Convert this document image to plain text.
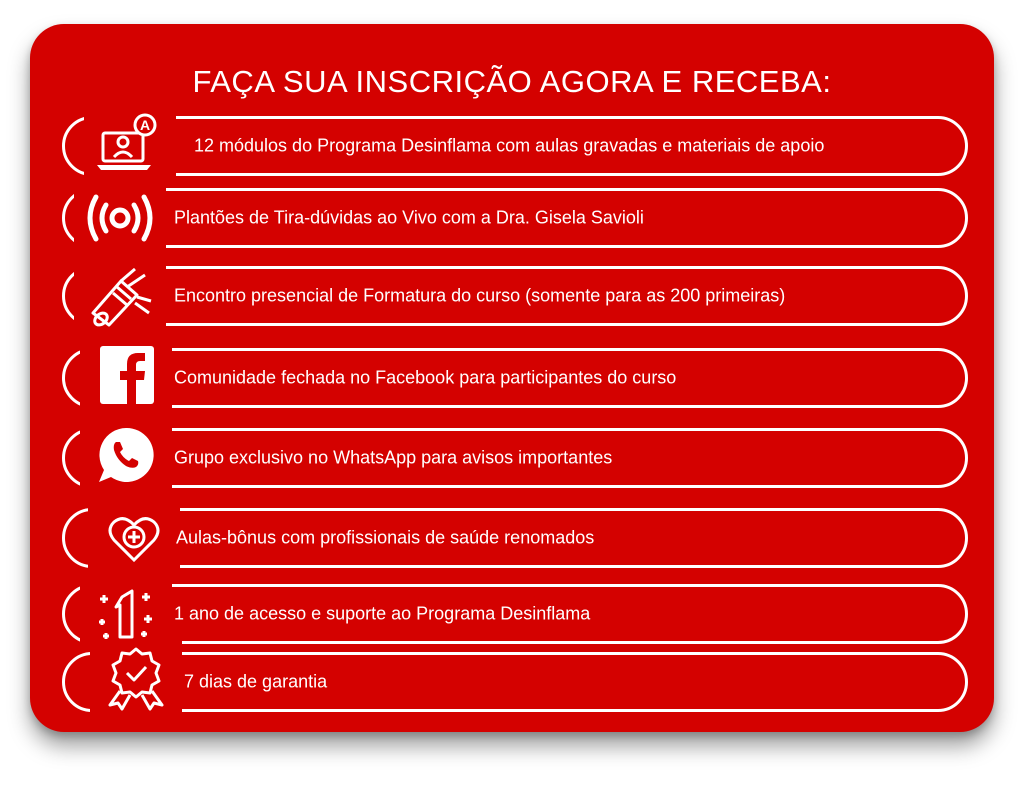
FAÇA SUA INSCRIÇÃO AGORA E RECEBA:
A
12 módulos do Programa Desinflama com aulas gravadas e materiais de apoio
Plantões de Tira-dúvidas ao Vivo com a Dra. Gisela Savioli
Encontro presencial de Formatura do curso (somente para as 200 primeiras)
Comunidade fechada no Facebook para participantes do curso
Grupo exclusivo no WhatsApp para avisos importantes
Aulas-bônus com profissionais de saúde renomados
1 ano de acesso e suporte ao Programa Desinflama
7 dias de garantia
